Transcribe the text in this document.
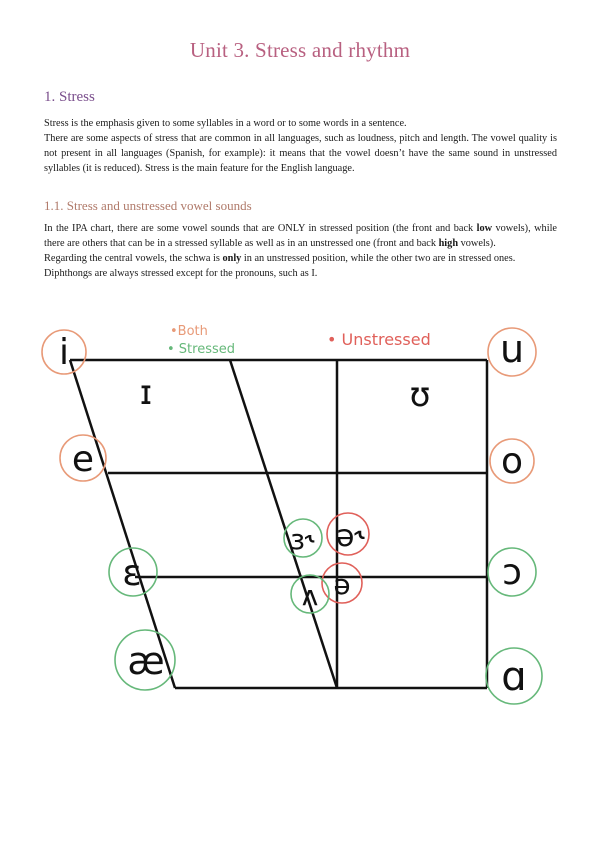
Unit 3. Stress and rhythm
1. Stress

Stress is the emphasis given to some syllables in a word or to some words in a sentence.
There are some aspects of stress that are common in all languages, such as loudness, pitch and length. The vowel quality is not present in all languages (Spanish, for example): it means that the vowel doesn’t have the same sound in unstressed syllables (it is reduced). Stress is the main feature for the English language.

1.1. Stress and unstressed vowel sounds

In the IPA chart, there are some vowel sounds that are ONLY in stressed position (the front and back low vowels), while there are others that can be in a stressed syllable as well as in an unstressed one (front and back high vowels).
Regarding the central vowels, the schwa is only in an unstressed position, while the other two are in stressed ones.
Diphthongs are always stressed except for the pronouns, such as I.

•Both
• Stressed
• Unstressed
i
ɪ
u
ʊ
e	o
ɜ˞ ə˞
ɛ	ɔ
ʌ ə
æ	ɑ
